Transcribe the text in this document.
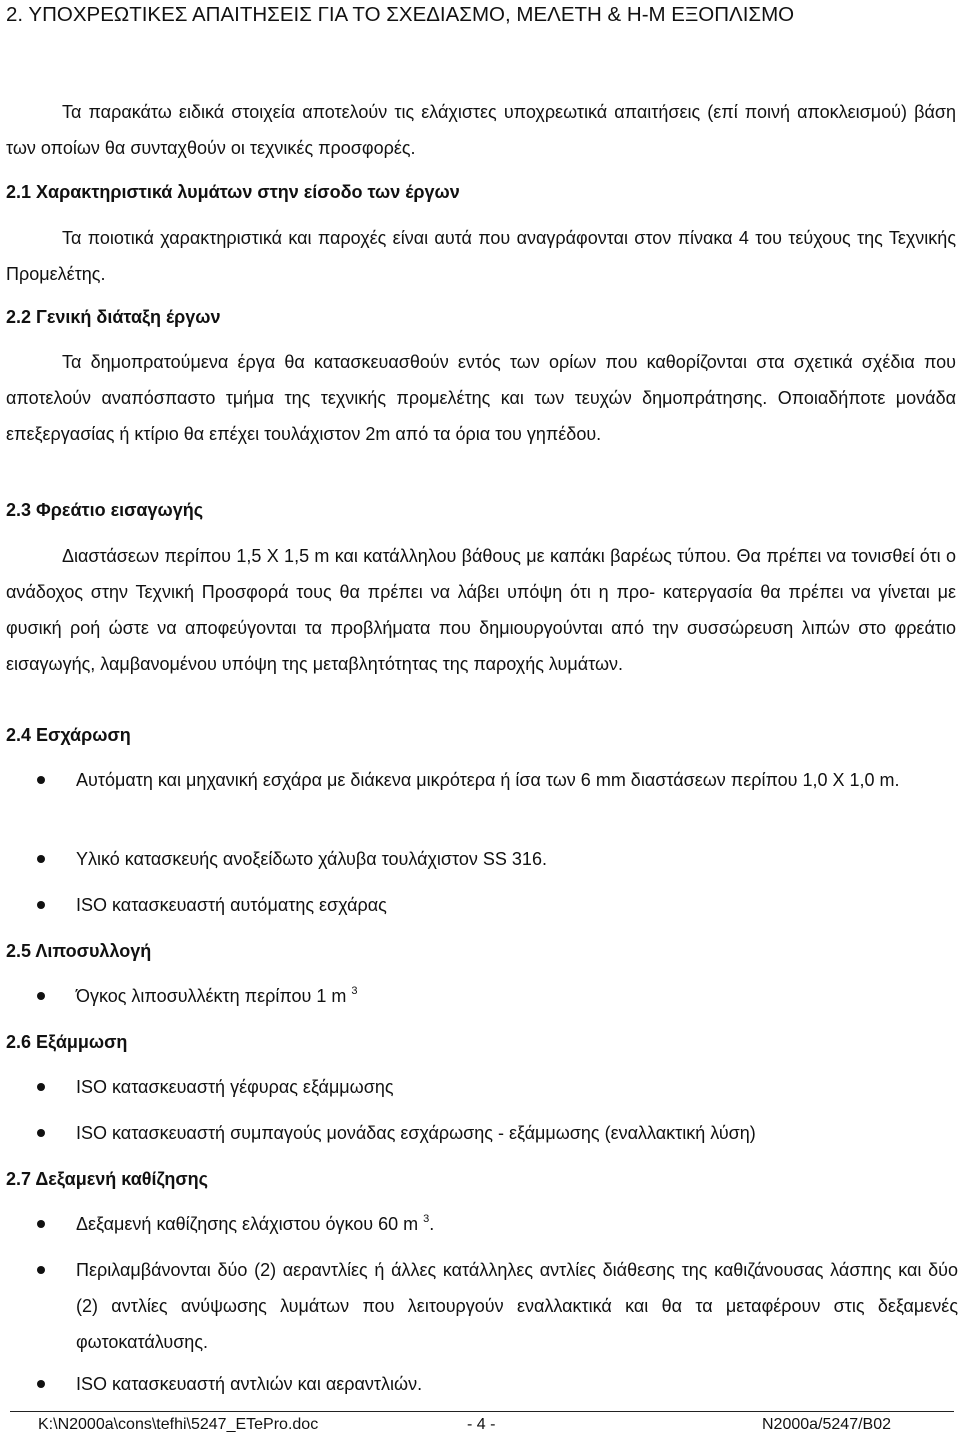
2. ΥΠΟΧΡΕΩΤΙΚΕΣ ΑΠΑΙΤΗΣΕΙΣ ΓΙΑ ΤΟ ΣΧΕΔΙΑΣΜΟ, ΜΕΛΕΤΗ & Η-Μ ΕΞΟΠΛΙΣΜΟ

Τα παρακάτω ειδικά στοιχεία αποτελούν τις ελάχιστες υποχρεωτικά απαιτήσεις (επί ποινή αποκλεισμού) βάση των οποίων θα συνταχθούν οι τεχνικές προσφορές.

2.1 Χαρακτηριστικά λυμάτων στην είσοδο των έργων

Τα ποιοτικά χαρακτηριστικά και παροχές είναι αυτά που αναγράφονται στον πίνακα 4 του τεύχους της Τεχνικής Προμελέτης.

2.2 Γενική διάταξη έργων

Τα δημοπρατούμενα έργα θα κατασκευασθούν εντός των ορίων που καθορίζονται στα σχετικά σχέδια που αποτελούν αναπόσπαστο τμήμα της τεχνικής προμελέτης και των τευχών δημοπράτησης. Οποιαδήποτε μονάδα επεξεργασίας ή κτίριο θα επέχει τουλάχιστον 2m από τα όρια του γηπέδου.

2.3 Φρεάτιο εισαγωγής

Διαστάσεων περίπου 1,5 Χ 1,5 m και κατάλληλου βάθους με καπάκι βαρέως τύπου. Θα πρέπει να τονισθεί ότι ο ανάδοχος στην Τεχνική Προσφορά τους θα πρέπει να λάβει υπόψη ότι η προ- κατεργασία θα πρέπει να γίνεται με φυσική ροή ώστε να αποφεύγονται τα προβλήματα που δημιουργούνται από την συσσώρευση λιπών στο φρεάτιο εισαγωγής, λαμβανομένου υπόψη της μεταβλητότητας της παροχής λυμάτων.

2.4 Εσχάρωση

Αυτόματη και μηχανική εσχάρα με διάκενα μικρότερα ή ίσα των 6 mm διαστάσεων περίπου 1,0 Χ 1,0 m.

Υλικό κατασκευής ανοξείδωτο χάλυβα τουλάχιστον SS 316.

ISO κατασκευαστή αυτόματης εσχάρας

2.5 Λιποσυλλογή

Όγκος λιποσυλλέκτη περίπου 1 m $^3$

2.6 Εξάμμωση

ISO κατασκευαστή γέφυρας εξάμμωσης

ISO κατασκευαστή συμπαγούς μονάδας εσχάρωσης - εξάμμωσης (εναλλακτική λύση)

2.7 Δεξαμενή καθίζησης

Δεξαμενή καθίζησης ελάχιστου όγκου 60 m $^3$.

Περιλαμβάνονται δύο (2) αεραντλίες ή άλλες κατάλληλες αντλίες διάθεσης της καθιζάνουσας λάσπης και δύο (2) αντλίες ανύψωσης λυμάτων που λειτουργούν εναλλακτικά και θα τα μεταφέρουν στις δεξαμενές φωτοκατάλυσης.

ISO κατασκευαστή αντλιών και αεραντλιών.

K:\N2000a\cons\tefhi\5247_ETePro.doc	- 4 -	N2000a/5247/B02
